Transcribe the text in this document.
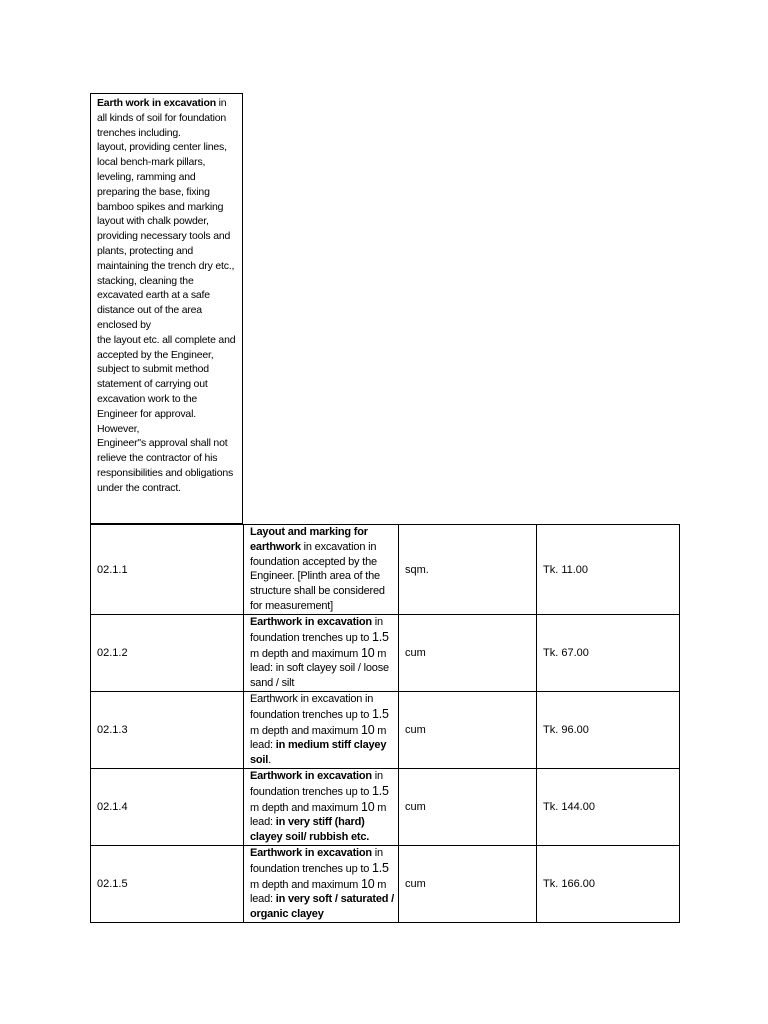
Earth work in excavation in all kinds of soil for foundation trenches including.
layout, providing center lines, local bench-mark pillars, leveling, ramming and preparing the base, fixing bamboo spikes and marking layout with chalk powder, providing necessary tools and plants, protecting and maintaining the trench dry etc.,
stacking, cleaning the excavated earth at a safe distance out of the area enclosed by
the layout etc. all complete and accepted by the Engineer, subject to submit method
statement of carrying out excavation work to the Engineer for approval. However,
Engineer"s approval shall not relieve the contractor of his responsibilities and obligations under the contract.
02.1.1	Layout and marking for earthwork in excavation in foundation accepted by the Engineer. [Plinth area of the structure shall be considered for measurement]	sqm.	Tk. 11.00
02.1.2	Earthwork in excavation in foundation trenches up to 1.5 m depth and maximum 10 m lead: in soft clayey soil / loose sand / silt	cum	Tk. 67.00
02.1.3	Earthwork in excavation in foundation trenches up to 1.5 m depth and maximum 10 m lead: in medium stiff clayey soil.	cum	Tk. 96.00
02.1.4	Earthwork in excavation in foundation trenches up to 1.5 m depth and maximum 10 m lead: in very stiff (hard) clayey soil/ rubbish etc.	cum	Tk. 144.00
02.1.5	Earthwork in excavation in foundation trenches up to 1.5 m depth and maximum 10 m lead: in very soft / saturated / organic clayey	cum	Tk. 166.00
